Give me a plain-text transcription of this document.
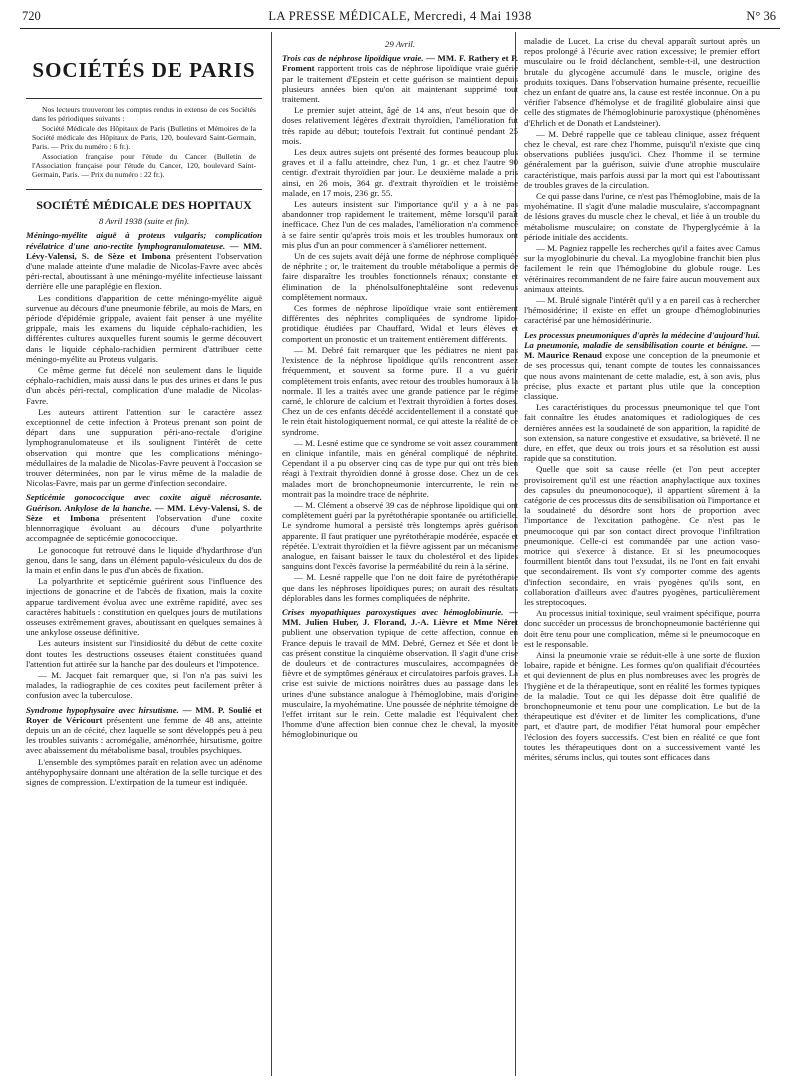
720	LA PRESSE MÉDICALE, Mercredi, 4 Mai 1938	N° 36
SOCIÉTÉS DE PARIS

Nos lecteurs trouveront les comptes rendus in extenso de ces Sociétés dans les périodiques suivants :

Société Médicale des Hôpitaux de Paris (Bulletins et Mémoires de la Société médicale des Hôpitaux de Paris, 120, boulevard Saint-Germain, Paris. — Prix du numéro : 6 fr.).

Association française pour l'étude du Cancer (Bulletin de l'Association française pour l'étude du Cancer, 120, boulevard Saint-Germain, Paris. — Prix du numéro : 22 fr.).

SOCIÉTÉ MÉDICALE DES HOPITAUX
8 Avril 1938 (suite et fin).

Méningo-myélite aiguë à proteus vulgaris; complication révélatrice d'une ano-rectite lymphogranulomateuse. — MM. Lévy-Valensi, S. de Sèze et Imbona présentent l'observation d'une malade atteinte d'une maladie de Nicolas-Favre avec abcès péri-rectal, aboutissant à une méningo-myélite infectieuse laissant derrière elle une paraplégie en flexion.

Les conditions d'apparition de cette méningo-myélite aiguë survenue au décours d'une pneumonie fébrile, au mois de Mars, en période d'épidémie grippale, avaient fait penser à une myélite grippale, mais les examens du liquide céphalo-rachidien, les différentes cultures auxquelles furent soumis le germe découvert dans le liquide céphalo-rachidien permirent d'attribuer cette méningo-myélite au Proteus vulgaris.

Ce même germe fut décelé non seulement dans le liquide céphalo-rachidien, mais aussi dans le pus des urines et dans le pus d'un abcès péri-rectal, complication d'une maladie de Nicolas-Favre.

Les auteurs attirent l'attention sur le caractère assez exceptionnel de cette infection à Proteus prenant son point de départ dans une suppuration péri-ano-rectale d'origine lymphogranulomateuse et ils soulignent l'intérêt de cette observation qui montre que les complications méningo-médullaires de la maladie de Nicolas-Favre peuvent à l'occasion se trouver déterminées, non par le virus même de la maladie de Nicolas-Favre, mais par un germe d'infection secondaire.

Septicémie gonococcique avec coxite aiguë nécrosante. Guérison. Ankylose de la hanche. — MM. Lévy-Valensi, S. de Sèze et Imbona présentent l'observation d'une coxite blennorragique évoluant au décours d'une polyarthrite accompagnée de septicémie gonococcique.

Le gonocoque fut retrouvé dans le liquide d'hydarthrose d'un genou, dans le sang, dans un élément papulo-vésiculeux du dos de la main et enfin dans le pus d'un abcès de fixation.

La polyarthrite et septicémie guérirent sous l'influence des injections de gonacrine et de l'abcès de fixation, mais la coxite apparue tardivement évolua avec une extrême rapidité, avec ses caractères habituels : constitution en quelques jours de mutilations osseuses extrêmement graves, aboutissant en quelques semaines à une ankylose osseuse définitive.

Les auteurs insistent sur l'insidiosité du début de cette coxite dont toutes les destructions osseuses étaient constituées quand l'attention fut attirée sur la hanche par des douleurs et l'impotence.

— M. Jacquet fait remarquer que, si l'on n'a pas suivi les malades, la radiographie de ces coxites peut facilement prêter à confusion avec la tuberculose.

Syndrome hypophysaire avec hirsutisme. — MM. P. Soulié et Royer de Véricourt présentent une femme de 48 ans, atteinte depuis un an de cécité, chez laquelle se sont développés peu à peu les troubles suivants : acromégalie, aménorrhée, hirsutisme, goitre avec abaissement du métabolisme basal, troubles psychiques.

L'ensemble des symptômes paraît en relation avec un adénome antéhypophysaire donnant une altération de la selle turcique et des signes de compression. L'extirpation de la tumeur est indiquée.

29 Avril.

Trois cas de néphrose lipoïdique vraie. — MM. F. Rathery et P. Froment rapportent trois cas de néphrose lipoïdique vraie guérie par le traitement d'Epstein et cette guérison se maintient depuis plusieurs années bien qu'on ait maintenant supprimé tout traitement.

Le premier sujet atteint, âgé de 14 ans, n'eut besoin que de doses relativement légères d'extrait thyroïdien, l'amélioration fut très rapide au début; toutefois l'extrait fut continué pendant 25 mois.

Les deux autres sujets ont présenté des formes beaucoup plus graves et il a fallu atteindre, chez l'un, 1 gr. et chez l'autre 90 centigr. d'extrait thyroïdien par jour. Le deuxième malade a pris ainsi, en 26 mois, 364 gr. d'extrait thyroïdien et le troisième malade, en 17 mois, 236 gr. 55.

Les auteurs insistent sur l'importance qu'il y a à ne pas abandonner trop rapidement le traitement, même lorsqu'il paraît inefficace. Chez l'un de ces malades, l'amélioration n'a commencé à se faire sentir qu'après trois mois et les troubles humoraux ont mis plus d'un an pour commencer à s'améliorer nettement.

Un de ces sujets avait déjà une forme de néphrose compliquée de néphrite ; or, le traitement du trouble métabolique a permis de faire disparaître les troubles fonctionnels rénaux; constante et élimination de la phénolsulfonephtaléine sont redevenus complètement normaux.

Ces formes de néphrose lipoïdique vraie sont entièrement différentes des néphrites compliquées de syndrome lipido-protidique étudiées par Chauffard, Widal et leurs élèves et comportent un pronostic et un traitement entièrement différents.

— M. Debré fait remarquer que les pédiatres ne nient pas l'existence de la néphrose lipoïdique qu'ils rencontrent assez fréquemment, et souvent sa forme pure. Il a vu guérir complètement trois enfants, avec retour des troubles humoraux à la normale. Il les a traités avec une grande patience par le régime carné, le chlorure de calcium et l'extrait thyroïdien à fortes doses. Chez un de ces enfants décédé accidentellement il a constaté que le rein était histologiquement normal, ce qui atteste la réalité de ce syndrome.

— M. Lesné estime que ce syndrome se voit assez couramment en clinique infantile, mais en général compliqué de néphrite. Cependant il a pu observer cinq cas de type pur qui ont très bien réagi à l'extrait thyroïdien donné à grosse dose. Chez un de ces malades mort de bronchopneumonie intercurrente, le rein ne montrait pas la moindre trace de néphrite.

— M. Clément a observé 39 cas de néphrose lipoïdique qui ont complètement guéri par la pyrétothérapie spontanée ou artificielle. Le syndrome humoral a persisté très longtemps après guérison apparente. Il faut pratiquer une pyrétothérapie modérée, espacée et répétée. L'extrait thyroïdien et la fièvre agissent par un mécanisme analogue, en faisant baisser le taux du cholestérol et des lipides sanguins dont l'excès favorise la perméabilité du rein à la sérine.

— M. Lesné rappelle que l'on ne doit faire de pyrétothérapie que dans les néphroses lipoïdiques pures; on aurait des résultats déplorables dans les formes compliquées de néphrite.

Crises myopathiques paroxystiques avec hémoglobinurie. — MM. Julien Huber, J. Florand, J.-A. Lièvre et Mme Néret publient une observation typique de cette affection, connue en France depuis le travail de MM. Debré, Gernez et Sée et dont le cas présent constitue la cinquième observation. Il s'agit d'une crise de douleurs et de contractures musculaires, accompagnées de fièvre et de symptômes généraux et circulatoires parfois graves. La crise est suivie de mictions noirâtres dues au passage dans les urines d'une substance analogue à l'hémoglobine, mais d'origine musculaire, la myohématine. Une poussée de néphrite témoigne de l'effet irritant sur le rein. Cette maladie est l'équivalent chez l'homme d'une affection bien connue chez le cheval, la myosite hémoglobinurique ou

maladie de Lucet. La crise du cheval apparaît surtout après un repos prolongé à l'écurie avec ration excessive; le premier effort musculaire ou le froid déclanchent, semble-t-il, une destruction brutale du glycogène accumulé dans le muscle, origine des produits toxiques. Dans l'observation humaine présente, recueillie chez un enfant de quatre ans, la cause est restée inconnue. On a pu vérifier l'absence d'hémolyse et de fragilité globulaire ainsi que celle des stigmates de l'hémoglobinurie paroxystique (phénomènes d'Ehrlich et de Donath et Landsteiner).

— M. Debré rappelle que ce tableau clinique, assez fréquent chez le cheval, est rare chez l'homme, puisqu'il n'existe que cinq observations publiées jusqu'ici. Chez l'homme il se termine généralement par la guérison, suivie d'une atrophie musculaire caractéristique, mais parfois aussi par la mort qui est l'aboutissant de troubles graves de la circulation.

Ce qui passe dans l'urine, ce n'est pas l'hémoglobine, mais de la myohématine. Il s'agit d'une maladie musculaire, s'accompagnant de lésions graves du muscle chez le cheval, et liée à un trouble du métabolisme musculaire; on constate de l'hyperglycémie à la période initiale des accidents.

— M. Pagniez rappelle les recherches qu'il a faites avec Camus sur la myoglobinurie du cheval. La myoglobine franchit bien plus facilement le rein que l'hémoglobine du globule rouge. Les vétérinaires recommandent de ne faire faire aucun mouvement aux animaux atteints.

— M. Brulé signale l'intérêt qu'il y a en pareil cas à rechercher l'hémosidérine; il existe en effet un groupe d'hémoglobinuries caractérisé par une hémosidérinurie.

Les processus pneumoniques d'après la médecine d'aujourd'hui. La pneumonie, maladie de sensibilisation courte et bénigne. — M. Maurice Renaud expose une conception de la pneumonie et de ses processus qui, tenant compte de toutes les connaissances que nous avons maintenant de cette maladie, est, à son avis, plus précise, plus exacte et partant plus utile que la conception classique.

Les caractéristiques du processus pneumonique tel que l'ont fait connaître les études anatomiques et radiologiques de ces dernières années est la soudaineté de son apparition, la rapidité de son extension, sa nature congestive et exsudative, sa brièveté. Il ne dure, en effet, que deux ou trois jours et sa résolution est aussi rapide que sa constitution.

Quelle que soit sa cause réelle (et l'on peut accepter provisoirement qu'il est une réaction anaphylactique aux toxines des capsules du pneumonocoque), il appartient sûrement à la catégorie de ces processus dits de sensibilisation où l'importance et la soudaineté du désordre sont hors de proportion avec l'importance de l'excitation pathogène. Ce n'est pas le pneumocoque qui par son contact direct provoque l'infiltration pneumonique. Celle-ci est commandée par une action vaso-motrice qui s'exerce à distance. Et si les pneumocoques fourmillent bientôt dans tout l'exsudat, ils ne l'ont en fait envahi que secondairement. Ils vont s'y comporter comme des agents d'infection secondaire, en vrais pyogènes qu'ils sont, en collaboration d'ailleurs avec d'autres pyogènes, particulièrement les streptocoques.

Au processus initial toxinique, seul vraiment spécifique, pourra donc succéder un processus de bronchopneumonie bactérienne qui doit être tenu pour une complication, même si le pneumocoque en est le responsable.

Ainsi la pneumonie vraie se réduit-elle à une sorte de fluxion lobaire, rapide et bénigne. Les formes qu'on qualifiait d'écourtées et qui deviennent de plus en plus nombreuses avec les progrès de l'hygiène et de la thérapeutique, sont en réalité les formes typiques de la maladie. Tout ce qui les dépasse doit être qualifié de bronchopneumonie et tenu pour une complication. Le but de la thérapeutique est d'éviter et de limiter les complications, d'une part, et d'autre part, de modifier l'état humoral pour empêcher l'éclosion des foyers successifs. C'est bien en réalité ce que font toutes les thérapeutiques dont on a successivement vanté les mérites, sérums inclus, qui toutes sont efficaces dans
